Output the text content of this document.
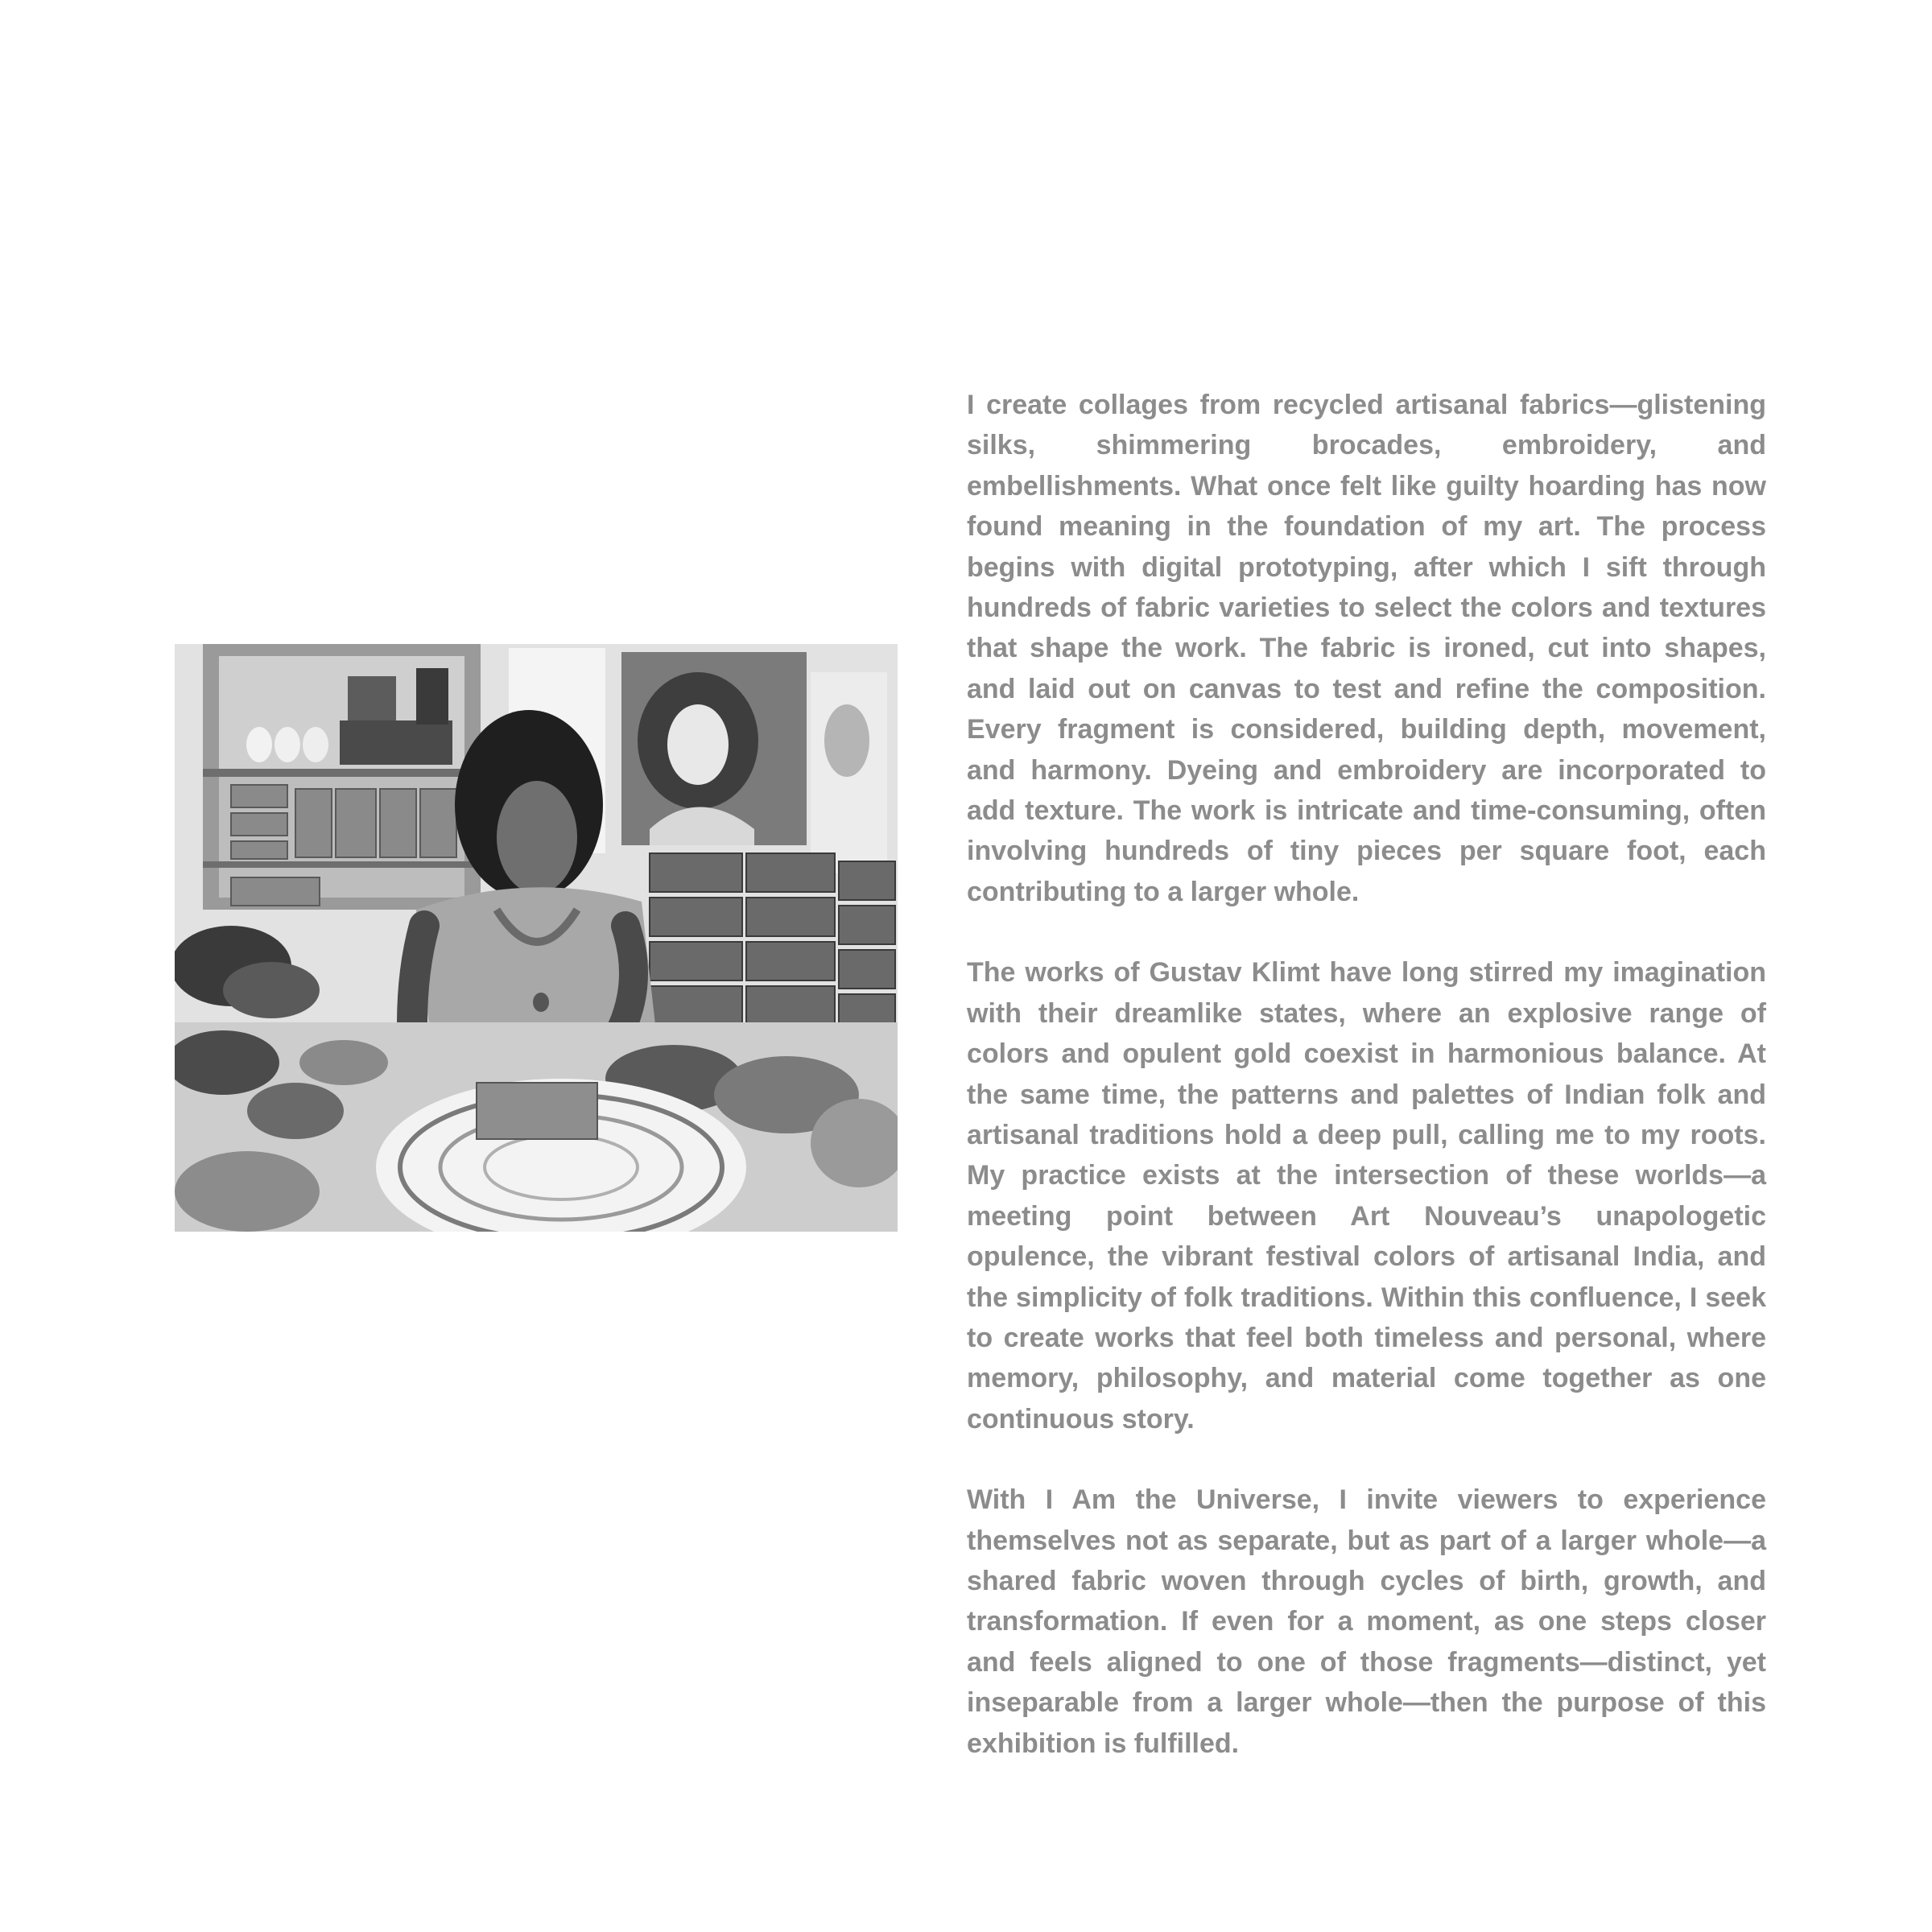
I create collages from recycled artisanal fabrics—glistening silks, shimmering brocades, embroidery, and embellishments. What once felt like guilty hoarding has now found meaning in the foundation of my art. The process begins with digital prototyping, after which I sift through hundreds of fabric varieties to select the colors and textures that shape the work. The fabric is ironed, cut into shapes, and laid out on canvas to test and refine the composition. Every fragment is considered, building depth, movement, and harmony. Dyeing and embroidery are incorporated to add texture. The work is intricate and time-consuming, often involving hundreds of tiny pieces per square foot, each contributing to a larger whole.

The works of Gustav Klimt have long stirred my imagination with their dreamlike states, where an explosive range of colors and opulent gold coexist in harmonious balance. At the same time, the patterns and palettes of Indian folk and artisanal traditions hold a deep pull, calling me to my roots. My practice exists at the intersection of these worlds—a meeting point between Art Nouveau’s unapologetic opulence, the vibrant festival colors of artisanal India, and the simplicity of folk traditions. Within this confluence, I seek to create works that feel both timeless and personal, where memory, philosophy, and material come together as one continuous story.

With I Am the Universe, I invite viewers to experience themselves not as separate, but as part of a larger whole—a shared fabric woven through cycles of birth, growth, and transformation. If even for a moment, as one steps closer and feels aligned to one of those fragments—distinct, yet inseparable from a larger whole—then the purpose of this exhibition is fulfilled.
